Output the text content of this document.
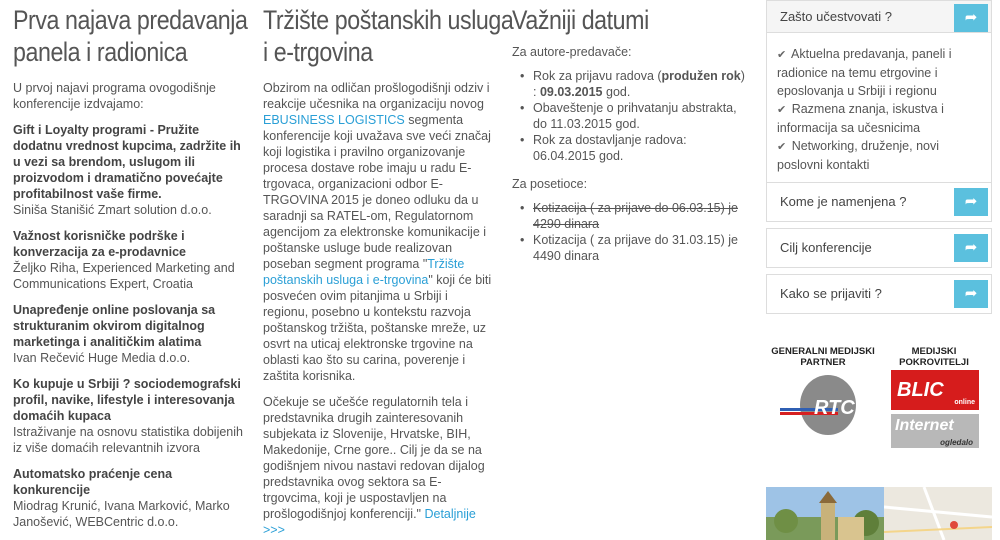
Prva najava predavanja
panela i radionica
U prvoj najavi programa ovogodišnje konferencije izdvajamo:
Gift i Loyalty programi - Pružite dodatnu vrednost kupcima, zadržite ih u vezi sa brendom, uslugom ili proizvodom i dramatično povećajte profitabilnost vaše firme.
Siniša Stanišić Zmart solution d.o.o.
Važnost korisničke podrške i konverzacija za e-prodavnice
Željko Riha, Experienced Marketing and Communications Expert, Croatia
Unapređenje online poslovanja sa strukturanim okvirom digitalnog marketinga i analitičkim alatima
Ivan Rečević Huge Media d.o.o.
Ko kupuje u Srbiji ? sociodemografski profil, navike, lifestyle i interesovanja domaćih kupaca
Istraživanje na osnovu statistika dobijenih iz više domaćih relevantnih izvora
Automatsko praćenje cena konkurencije
Miodrag Krunić, Ivana Marković, Marko Janošević, WEBCentric d.o.o.
Tržište poštanskih usluga
i e-trgovina
Obzirom na odličan prošlogodišnji odziv i reakcije učesnika na organizaciju novog EBUSINESS LOGISTICS segmenta konferencije koji uvažava sve veći značaj koji logistika i pravilno organizovanje procesa dostave robe imaju u radu E-trgovaca, organizacioni odbor E-TRGOVINA 2015 je doneo odluku da u saradnji sa RATEL-om, Regulatornom agencijom za elektronske komunikacije i poštanske usluge bude realizovan poseban segment programa "Tržište poštanskih usluga i e-trgovina" koji će biti posvećen ovim pitanjima u Srbiji i regionu, posebno u kontekstu razvoja poštanskog tržišta, poštanske mreže, uz osvrt na uticaj elektronske trgovine na oblasti kao što su carina, poverenje i zaštita korisnika.
Očekuje se učešće regulatornih tela i predstavnika drugih zainteresovanih subjekata iz Slovenije, Hrvatske, BIH, Makedonije, Crne gore.. Cilj je da se na godišnjem nivou nastavi redovan dijalog predstavnika ovog sektora sa E-trgovcima, koji je uspostavljen na prošlogodišnjoj konferenciji." Detaljnije >>>
Važniji datumi
Za autore-predavače:
• Rok za prijavu radova (produžen rok) : 09.03.2015 god.
• Obaveštenje o prihvatanju abstrakta, do 11.03.2015 god.
• Rok za dostavljanje radova: 06.04.2015 god.
Za posetioce:
• Kotizacija ( za prijave do 06.03.15) je 4290 dinara
• Kotizacija ( za prijave do 31.03.15) je 4490 dinara
Zašto učestvovati ?	➦
✔ Aktuelna predavanja, paneli i radionice na temu etrgovine i eposlovanja u Srbiji i regionu
✔ Razmena znanja, iskustva i informacija sa učesnicima
✔ Networking, druženje, novi poslovni kontakti
Kome je namenjena ?	➦
Cilj konferencije	➦
Kako se prijaviti ?	➦
GENERALNI MEDIJSKI PARTNER
MEDIJSKI POKROVITELJI
RTC
BLIC
online
Internet
ogledalo
